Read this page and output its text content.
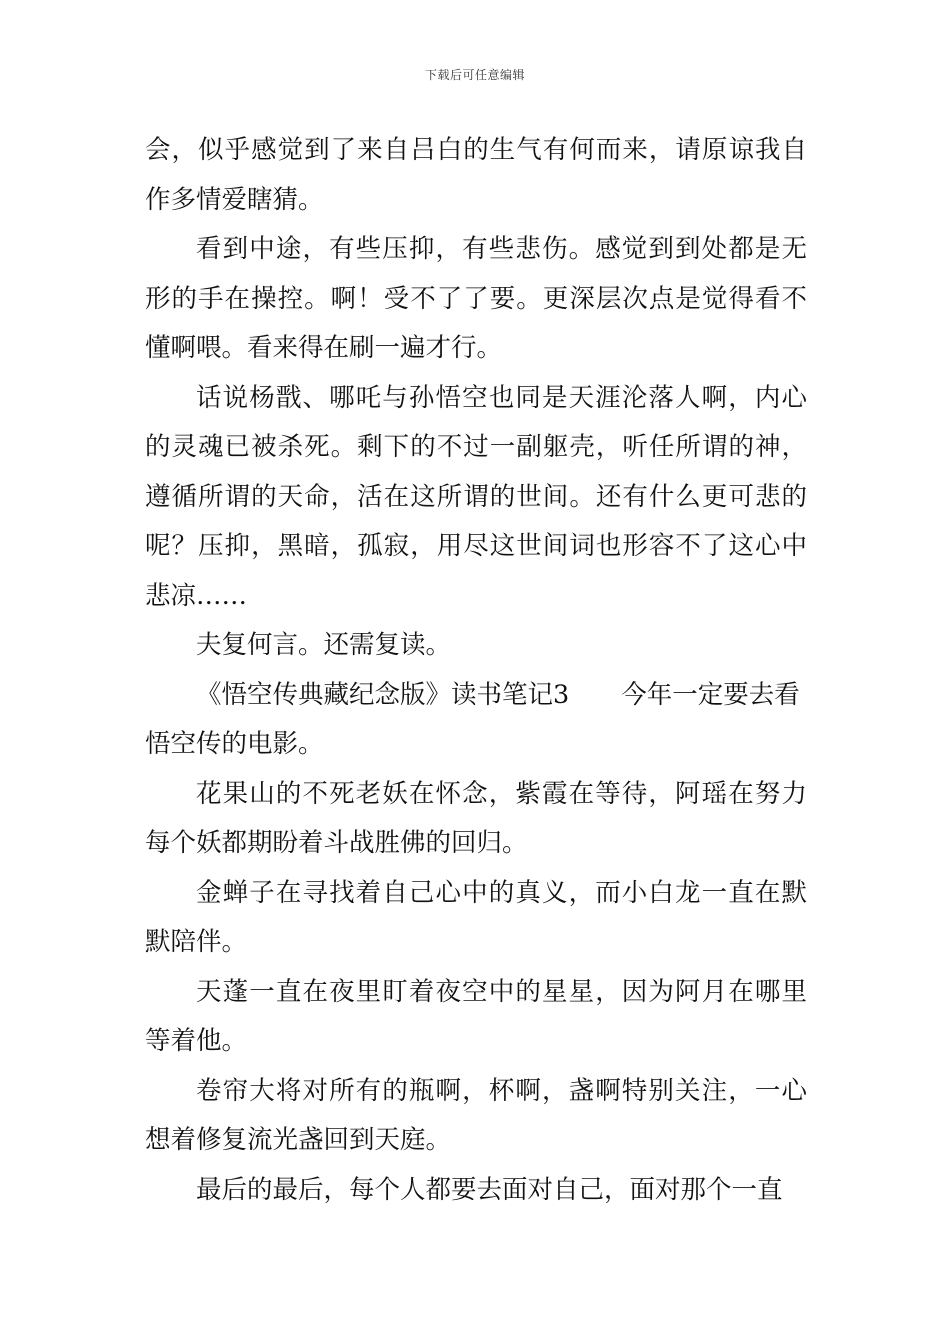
下载后可任意编辑

会，似乎感觉到了来自吕白的生气有何而来，请原谅我自作多情爱瞎猜。

看到中途，有些压抑，有些悲伤。感觉到到处都是无形的手在操控。啊！受不了了要。更深层次点是觉得看不懂啊喂。看来得在刷一遍才行。

话说杨戬、哪吒与孙悟空也同是天涯沦落人啊，内心的灵魂已被杀死。剩下的不过一副躯壳，听任所谓的神，遵循所谓的天命，活在这所谓的世间。还有什么更可悲的呢？压抑，黑暗，孤寂，用尽这世间词也形容不了这心中悲凉……

夫复何言。还需复读。

《悟空传典藏纪念版》读书笔记3 今年一定要去看
悟空传的电影。

花果山的不死老妖在怀念，紫霞在等待，阿瑶在努力每个妖都期盼着斗战胜佛的回归。

金蝉子在寻找着自己心中的真义，而小白龙一直在默默陪伴。

天蓬一直在夜里盯着夜空中的星星，因为阿月在哪里等着他。

卷帘大将对所有的瓶啊，杯啊，盏啊特别关注，一心想着修复流光盏回到天庭。

最后的最后，每个人都要去面对自己，面对那个一直
